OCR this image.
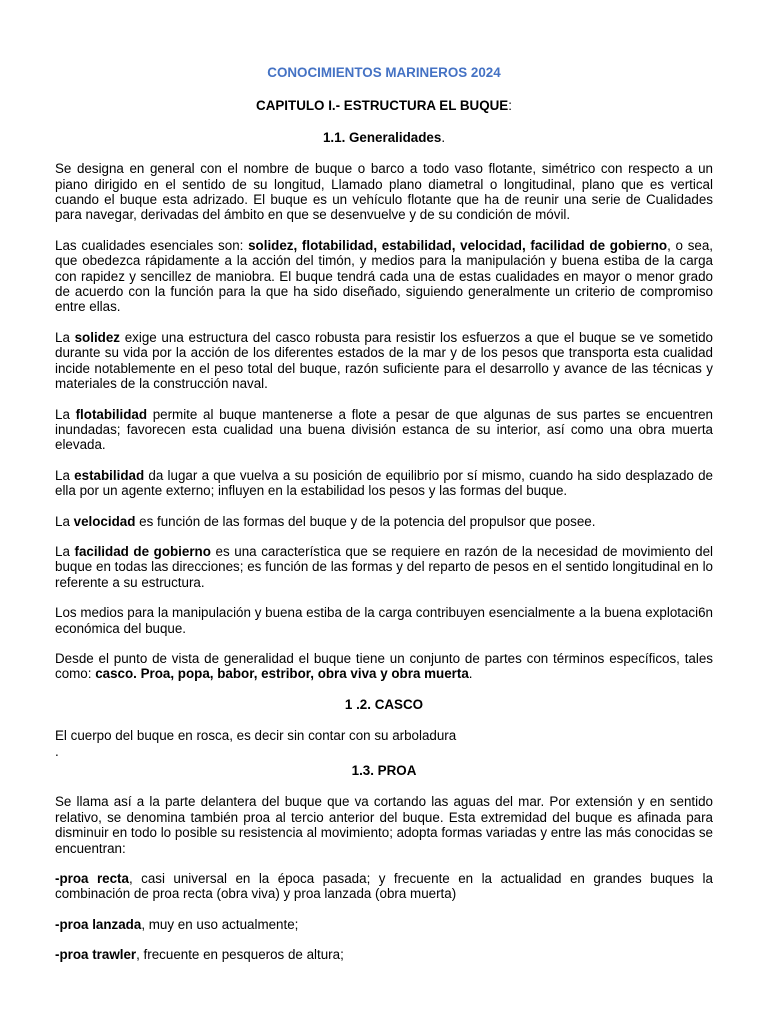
CONOCIMIENTOS MARINEROS 2024
CAPITULO I.- ESTRUCTURA EL BUQUE:
1.1. Generalidades.

Se designa en general con el nombre de buque o barco a todo vaso flotante, simétrico con respecto a un piano dirigido en el sentido de su longitud, Llamado plano diametral o longitudinal, plano que es vertical cuando el buque esta adrizado. El buque es un vehículo flotante que ha de reunir una serie de Cualidades para navegar, derivadas del ámbito en que se desenvuelve y de su condición de móvil.

Las cualidades esenciales son: solidez, flotabilidad, estabilidad, velocidad, facilidad de gobierno, o sea, que obedezca rápidamente a la acción del timón, y medios para la manipulación y buena estiba de la carga con rapidez y sencillez de maniobra. El buque tendrá cada una de estas cualidades en mayor o menor grado de acuerdo con la función para la que ha sido diseñado, siguiendo generalmente un criterio de compromiso entre ellas.

La solidez exige una estructura del casco robusta para resistir los esfuerzos a que el buque se ve sometido durante su vida por la acción de los diferentes estados de la mar y de los pesos que transporta esta cualidad incide notablemente en el peso total del buque, razón suficiente para el desarrollo y avance de las técnicas y materiales de la construcción naval.

La flotabilidad permite al buque mantenerse a flote a pesar de que algunas de sus partes se encuentren inundadas; favorecen esta cualidad una buena división estanca de su interior, así como una obra muerta elevada.

La estabilidad da lugar a que vuelva a su posición de equilibrio por sí mismo, cuando ha sido desplazado de ella por un agente externo; influyen en la estabilidad los pesos y las formas del buque.

La velocidad es función de las formas del buque y de la potencia del propulsor que posee.

La facilidad de gobierno es una característica que se requiere en razón de la necesidad de movimiento del buque en todas las direcciones; es función de las formas y del reparto de pesos en el sentido longitudinal en lo referente a su estructura.

Los medios para la manipulación y buena estiba de la carga contribuyen esencialmente a la buena explotaci6n económica del buque.

Desde el punto de vista de generalidad el buque tiene un conjunto de partes con términos específicos, tales como: casco. Proa, popa, babor, estribor, obra viva y obra muerta.

1 .2. CASCO

El cuerpo del buque en rosca, es decir sin contar con su arboladura
.

1.3. PROA

Se llama así a la parte delantera del buque que va cortando las aguas del mar. Por extensión y en sentido relativo, se denomina también proa al tercio anterior del buque. Esta extremidad del buque es afinada para disminuir en todo lo posible su resistencia al movimiento; adopta formas variadas y entre las más conocidas se encuentran:

-proa recta, casi universal en la época pasada; y frecuente en la actualidad en grandes buques la combinación de proa recta (obra viva) y proa lanzada (obra muerta)

-proa lanzada, muy en uso actualmente;

-proa trawler, frecuente en pesqueros de altura;
